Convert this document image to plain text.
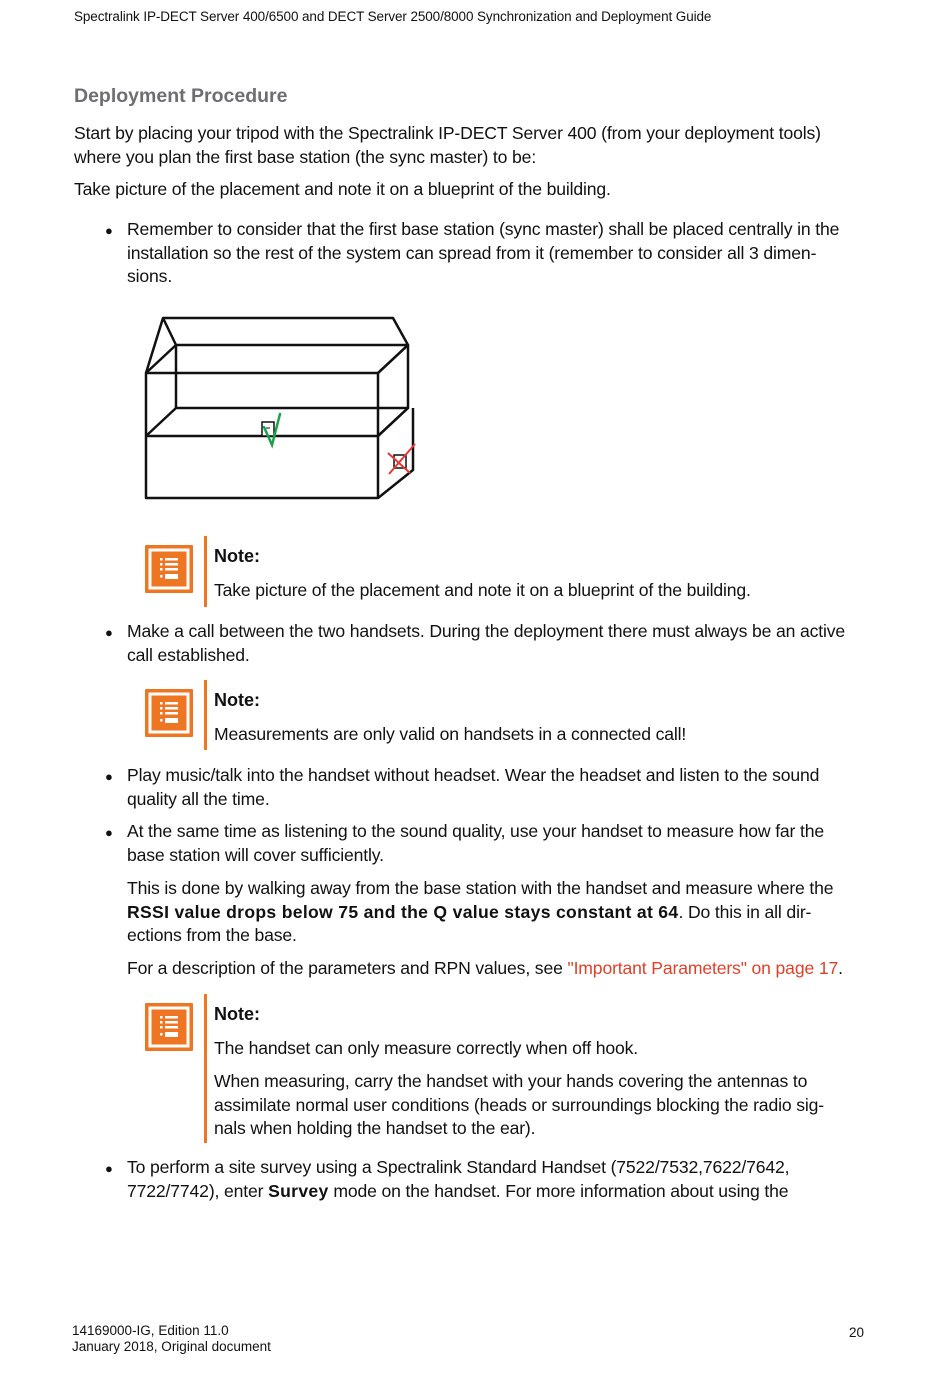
Spectralink IP-DECT Server 400/6500 and DECT Server 2500/8000 Synchronization and Deployment Guide
Deployment Procedure
Start by placing your tripod with the Spectralink IP-DECT Server 400 (from your deployment tools)
where you plan the first base station (the sync master) to be:
Take picture of the placement and note it on a blueprint of the building.
● Remember to consider that the first base station (sync master) shall be placed centrally in the
installation so the rest of the system can spread from it (remember to consider all 3 dimen-
sions.
Note:
Take picture of the placement and note it on a blueprint of the building.
● Make a call between the two handsets. During the deployment there must always be an active
call established.
Note:
Measurements are only valid on handsets in a connected call!
● Play music/talk into the handset without headset. Wear the headset and listen to the sound
quality all the time.
● At the same time as listening to the sound quality, use your handset to measure how far the
base station will cover sufficiently.
This is done by walking away from the base station with the handset and measure where the
RSSI value drops below 75 and the Q value stays constant at 64. Do this in all dir-
ections from the base.
For a description of the parameters and RPN values, see "Important Parameters" on page 17.
Note:
The handset can only measure correctly when off hook.
When measuring, carry the handset with your hands covering the antennas to
assimilate normal user conditions (heads or surroundings blocking the radio sig-
nals when holding the handset to the ear).
● To perform a site survey using a Spectralink Standard Handset (7522/7532,7622/7642,
7722/7742), enter Survey mode on the handset. For more information about using the
14169000-IG, Edition 11.0
January 2018, Original document
20
